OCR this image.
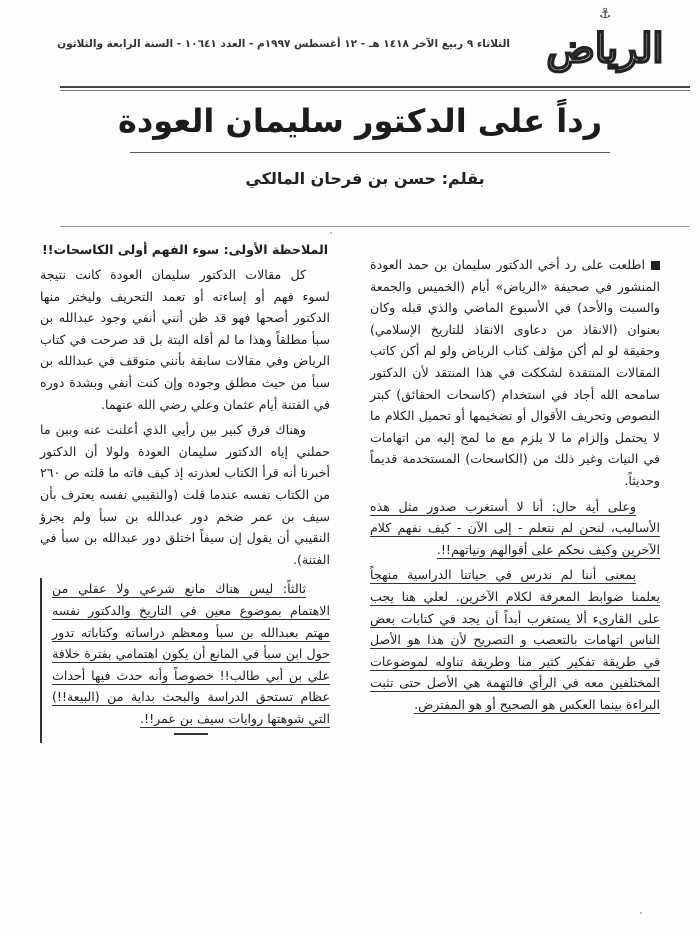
⚓
الرياض
الثلاثاء ٩ ربيع الآخر ١٤١٨ هـ - ١٢ أغسطس ١٩٩٧م - العدد ١٠٦٤١ - السنة الرابعة والثلاثون
رداً على الدكتور سليمان العودة
بقلم: حسن بن فرحان المالكي

اطلعت على رد أخي الدكتور سليمان بن حمد العودة المنشور في صحيفة «الرياض» أيام (الخميس والجمعة والسبت والأحد) في الأسبوع الماضي والذي قبله وكان بعنوان (الانقاذ من دعاوى الانقاذ للتاريخ الإسلامي) وحقيقة لو لم أكن مؤلف كتاب الرياض ولو لم أكن كاتب المقالات المنتقدة لشككت في هذا المنتقد لأن الدكتور سامحه الله أجاد في استخدام (كاسحات الحقائق) كبتر النصوص وتحريف الأقوال أو تضخيمها أو تحميل الكلام ما لا يحتمل وإلزام ما لا يلزم مع ما لمح إليه من اتهامات في النيات وغير ذلك من (الكاسحات) المستخدمة قديماً وحديثاً.

وعلى أية حال: أنا لا أستغرب صدور مثل هذه الأساليب، لنحن لم نتعلم - إلى الآن - كيف نفهم كلام الآخرين وكيف نحكم على أقوالهم ونياتهم!!.

بمعنى أننا لم ندرس في حياتنا الدراسية منهجاً يعلمنا ضوابط المعرفة لكلام الآخرين. لعلي هنا يجب على القارىء ألا يستغرب أبداً أن يجد في كتابات بعض الناس اتهامات بالتعصب و التصريح لأن هذا هو الأصل في طريقة تفكير كثير منا وطريقة تناوله لموضوعات المختلفين معه في الرأي فالتهمة هي الأصل حتى تثبت البراءة بينما العكس هو الصحيح أو هو المفترض.

الملاحظة الأولى: سوء الفهم أولى الكاسحات!!

كل مقالات الدكتور سليمان العودة كانت نتيجة لسوء فهم أو إساءته أو تعمد التحريف وليختر منها الدكتور أصحها فهو قد ظن أنني أنفي وجود عبدالله بن سبأ مطلقاً وهذا ما لم أقله البتة بل قد صرحت في كتاب الرياض وفي مقالات سابقة بأنني متوقف في عبدالله بن سبأ من حيث مطلق وجوده وإن كنت أنفي وبشدة دوره في الفتنة أيام عثمان وعلي رضي الله عنهما.

وهناك فرق كبير بين رأيي الذي أعلنت عنه وبين ما حملني إياه الدكتور سليمان العودة ولولا أن الدكتور أخبرنا أنه قرأ الكتاب لعذرته إذ كيف فاته ما قلته ص ٢٦٠ من الكتاب نفسه عندما قلت (والنقيبي نفسه يعترف بأن سيف بن عمر ضخم دور عبدالله بن سبأ ولم يجرؤ النقيبي أن يقول إن سيفاً اختلق دور عبدالله بن سبأ في الفتنة).

ثالثاً: ليس هناك مانع شرعي ولا عقلي من الاهتمام بموضوع معين في التاريخ والدكتور نفسه مهتم بعبدالله بن سبأ ومعظم دراساته وكتاباته تدور حول ابن سبأ في المانع أن يكون اهتمامي بفترة خلافة علي بن أبي طالب!! خصوصاً وأنه حدث فيها أحداث عظام تستحق الدراسة والبحث بداية من (البيعة!!) التي شوهتها روايات سيف بن عمر!!.
